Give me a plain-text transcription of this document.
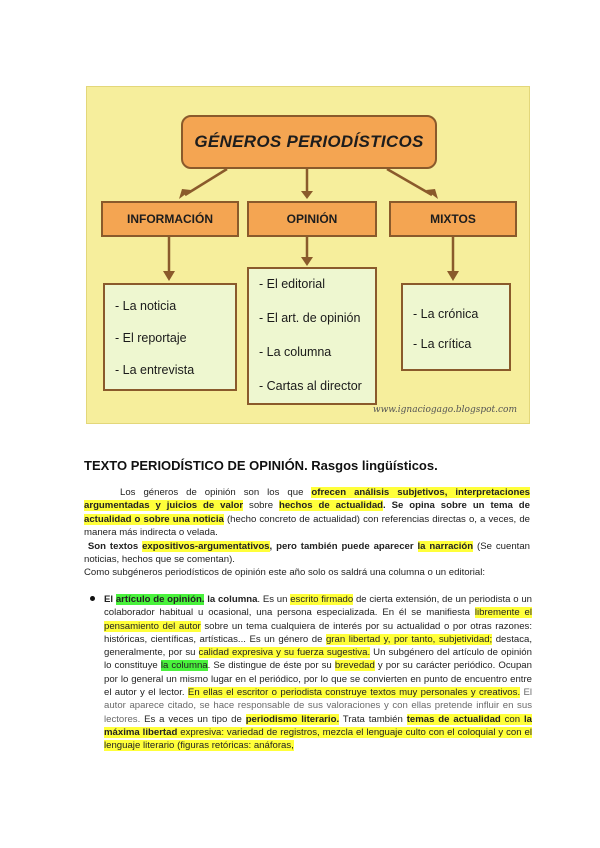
GÉNEROS PERIODÍSTICOS
INFORMACIÓN	OPINIÓN	MIXTOS
- La noticia
- El reportaje
- La entrevista
- El editorial
- El art. de opinión
- La columna
- Cartas al director
- La crónica
- La crítica
www.ignaciogago.blogspot.com
TEXTO PERIODÍSTICO DE OPINIÓN. Rasgos lingüísticos.
Los géneros de opinión son los que ofrecen análisis subjetivos, interpretaciones argumentadas y juicios de valor sobre hechos de actualidad. Se opina sobre un tema de actualidad o sobre una noticia (hecho concreto de actualidad) con referencias directas o, a veces, de manera más indirecta o velada.
Son textos expositivos-argumentativos, pero también puede aparecer la narración (Se cuentan noticias, hechos que se comentan).
Como subgéneros periodísticos de opinión este año solo os saldrá una columna o un editorial:
El artículo de opinión. la columna. Es un escrito firmado de cierta extensión, de un periodista o un colaborador habitual u ocasional, una persona especializada. En él se manifiesta libremente el pensamiento del autor sobre un tema cualquiera de interés por su actualidad o por otras razones: históricas, científicas, artísticas... Es un género de gran libertad y, por tanto, subjetividad; destaca, generalmente, por su calidad expresiva y su fuerza sugestiva. Un subgénero del artículo de opinión lo constituye la columna. Se distingue de éste por su brevedad y por su carácter periódico. Ocupan por lo general un mismo lugar en el periódico, por lo que se convierten en punto de encuentro entre el autor y el lector. En ellas el escritor o periodista construye textos muy personales y creativos. El autor aparece citado, se hace responsable de sus valoraciones y con ellas pretende influir en sus lectores. Es a veces un tipo de periodismo literario. Trata también temas de actualidad con la máxima libertad expresiva: variedad de registros, mezcla el lenguaje culto con el coloquial y con el lenguaje literario (figuras retóricas: anáforas,
